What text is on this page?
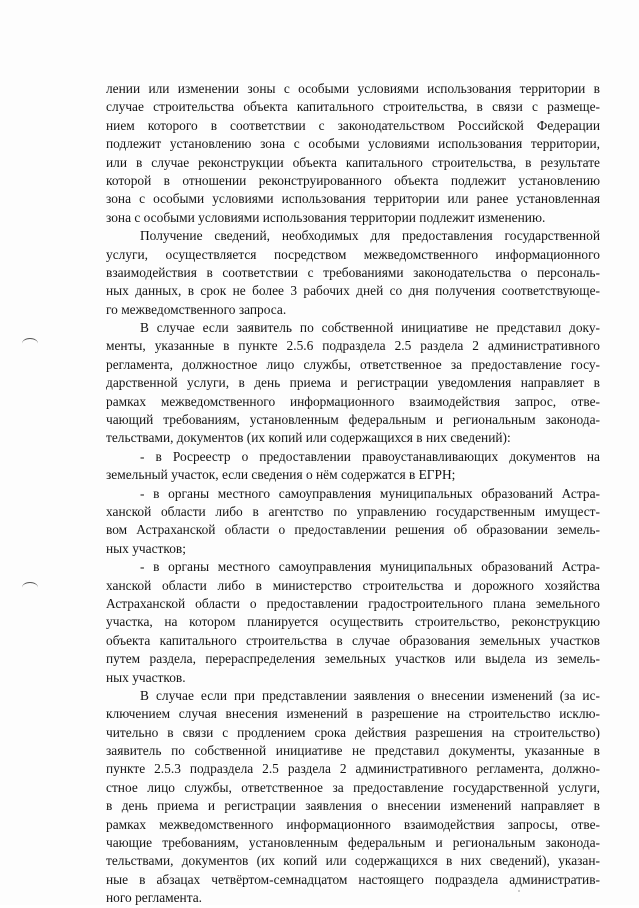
лении или изменении зоны с особыми условиями использования территории в
случае строительства объекта капитального строительства, в связи с размеще-
нием которого в соответствии с законодательством Российской Федерации
подлежит установлению зона с особыми условиями использования территории,
или в случае реконструкции объекта капитального строительства, в результате
которой в отношении реконструированного объекта подлежит установлению
зона с особыми условиями использования территории или ранее установленная
зона с особыми условиями использования территории подлежит изменению.
Получение сведений, необходимых для предоставления государственной
услуги, осуществляется посредством межведомственного информационного
взаимодействия в соответствии с требованиями законодательства о персональ-
ных данных, в срок не более 3 рабочих дней со дня получения соответствующе-
го межведомственного запроса.
В случае если заявитель по собственной инициативе не представил доку-
менты, указанные в пункте 2.5.6 подраздела 2.5 раздела 2 административного
регламента, должностное лицо службы, ответственное за предоставление госу-
дарственной услуги, в день приема и регистрации уведомления направляет в
рамках межведомственного информационного взаимодействия запрос, отве-
чающий требованиям, установленным федеральным и региональным законода-
тельствами, документов (их копий или содержащихся в них сведений):
- в Росреестр о предоставлении правоустанавливающих документов на
земельный участок, если сведения о нём содержатся в ЕГРН;
- в органы местного самоуправления муниципальных образований Астра-
ханской области либо в агентство по управлению государственным имущест-
вом Астраханской области о предоставлении решения об образовании земель-
ных участков;
- в органы местного самоуправления муниципальных образований Астра-
ханской области либо в министерство строительства и дорожного хозяйства
Астраханской области о предоставлении градостроительного плана земельного
участка, на котором планируется осуществить строительство, реконструкцию
объекта капитального строительства в случае образования земельных участков
путем раздела, перераспределения земельных участков или выдела из земель-
ных участков.
В случае если при представлении заявления о внесении изменений (за ис-
ключением случая внесения изменений в разрешение на строительство исклю-
чительно в связи с продлением срока действия разрешения на строительство)
заявитель по собственной инициативе не представил документы, указанные в
пункте 2.5.3 подраздела 2.5 раздела 2 административного регламента, должно-
стное лицо службы, ответственное за предоставление государственной услуги,
в день приема и регистрации заявления о внесении изменений направляет в
рамках межведомственного информационного взаимодействия запросы, отве-
чающие требованиям, установленным федеральным и региональным законода-
тельствами, документов (их копий или содержащихся в них сведений), указан-
ные в абзацах четвёртом-семнадцатом настоящего подраздела административ-
ного регламента.
